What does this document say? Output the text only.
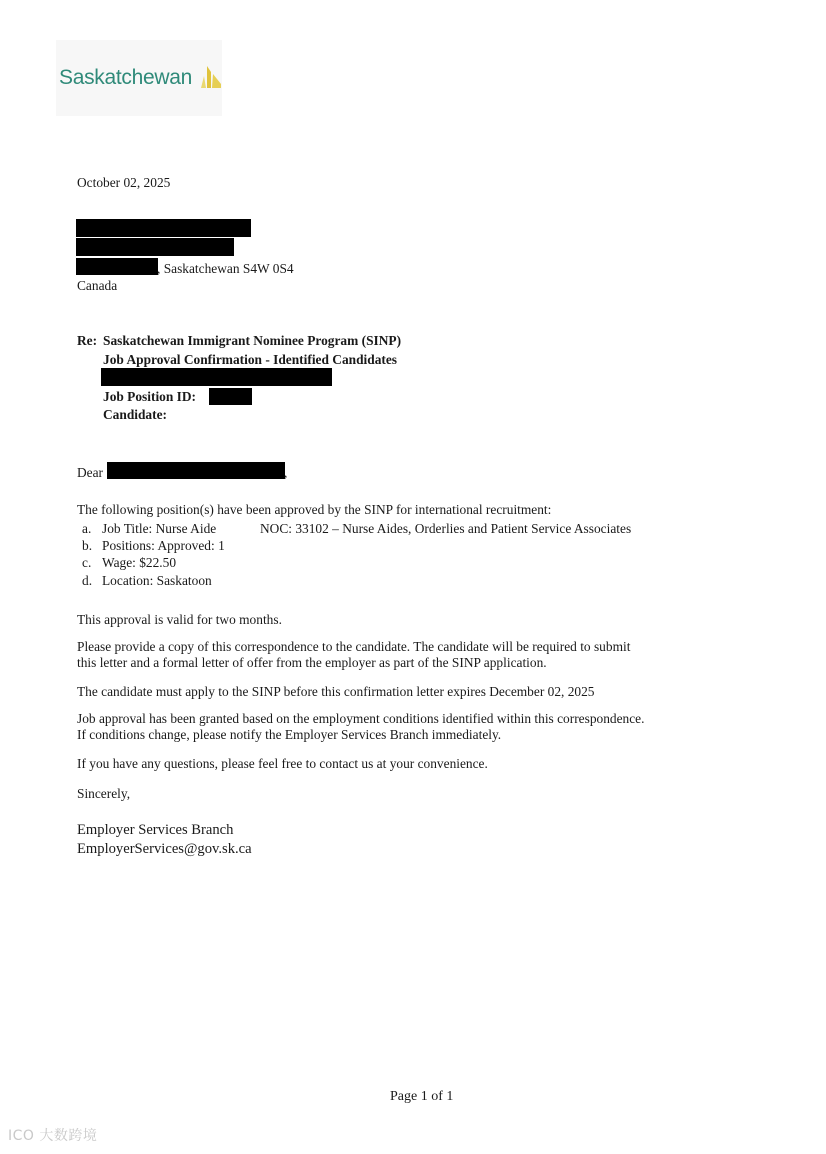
Saskatchewan
October 02, 2025
, Saskatchewan S4W 0S4
Canada
Re: Saskatchewan Immigrant Nominee Program (SINP)
Job Approval Confirmation - Identified Candidates
Job Position ID:
Candidate:
Dear	,
The following position(s) have been approved by the SINP for international recruitment:
a. Job Title: Nurse Aide	NOC: 33102 – Nurse Aides, Orderlies and Patient Service Associates
b. Positions: Approved: 1
c. Wage: $22.50
d. Location: Saskatoon
This approval is valid for two months.
Please provide a copy of this correspondence to the candidate. The candidate will be required to submit
this letter and a formal letter of offer from the employer as part of the SINP application.
The candidate must apply to the SINP before this confirmation letter expires December 02, 2025
Job approval has been granted based on the employment conditions identified within this correspondence.
If conditions change, please notify the Employer Services Branch immediately.
If you have any questions, please feel free to contact us at your convenience.
Sincerely,
Employer Services Branch
EmployerServices@gov.sk.ca
Page 1 of 1
ICO 大数跨境
